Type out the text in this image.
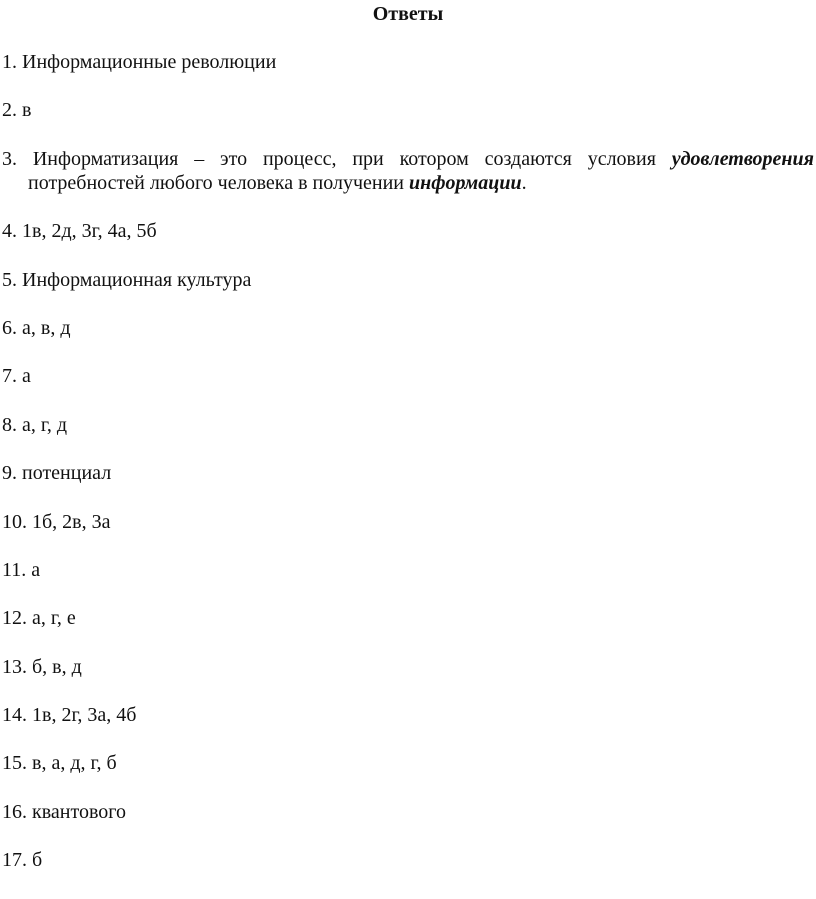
Ответы
1. Информационные революции
2. в
3. Информатизация – это процесс, при котором создаются условия удовлетворения
потребностей любого человека в получении информации.
4. 1в, 2д, 3г, 4а, 5б
5. Информационная культура
6. а, в, д
7. а
8. а, г, д
9. потенциал
10. 1б, 2в, 3а
11. а
12. а, г, е
13. б, в, д
14. 1в, 2г, 3а, 4б
15. в, а, д, г, б
16. квантового
17. б
